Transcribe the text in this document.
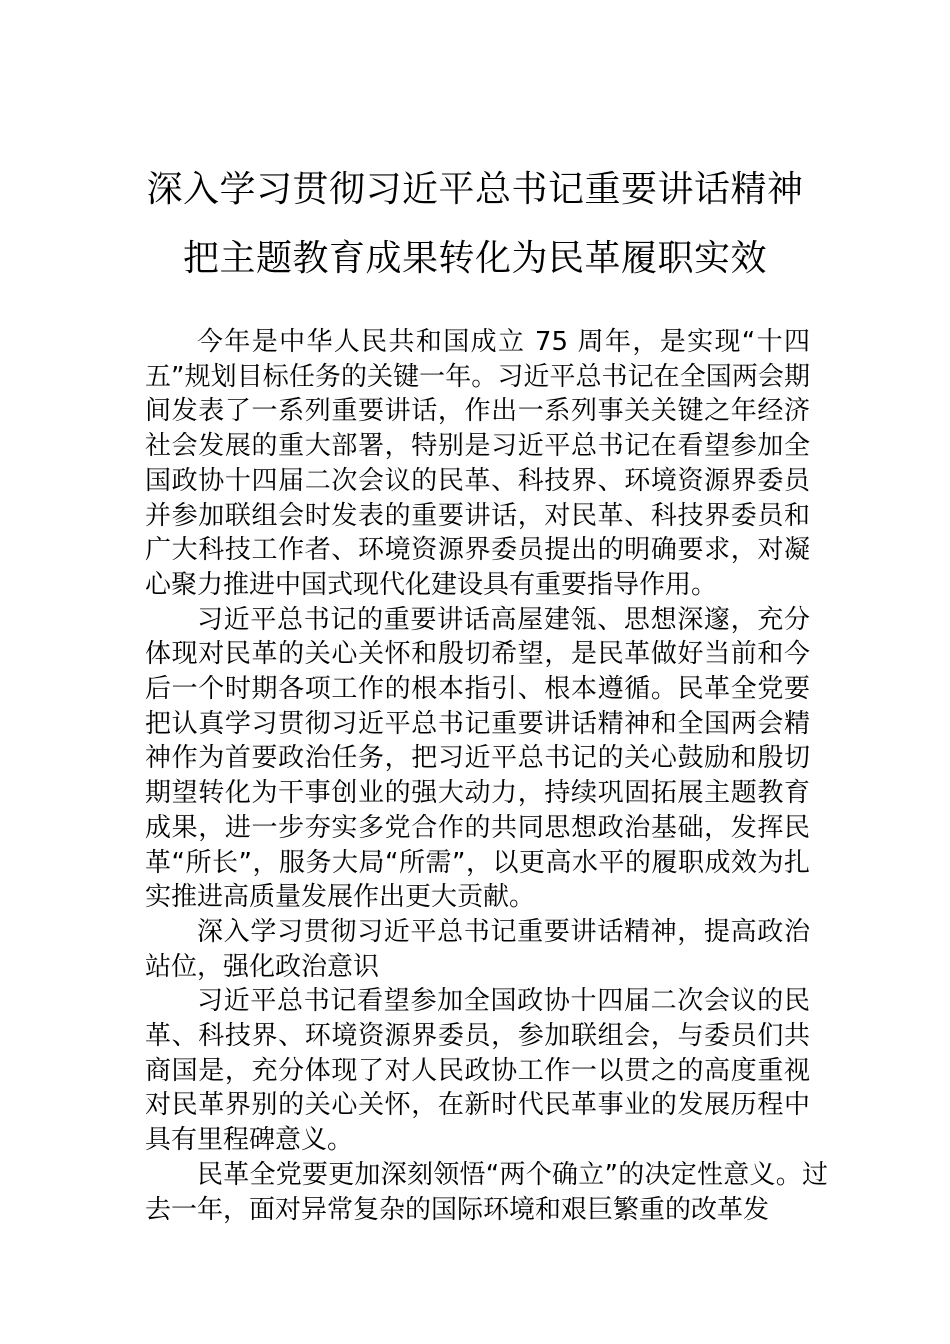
深入学习贯彻习近平总书记重要讲话精神
把主题教育成果转化为民革履职实效

今年是中华人民共和国成立 75 周年，是实现“十四五”规划目标任务的关键一年。习近平总书记在全国两会期间发表了一系列重要讲话，作出一系列事关关键之年经济社会发展的重大部署，特别是习近平总书记在看望参加全国政协十四届二次会议的民革、科技界、环境资源界委员并参加联组会时发表的重要讲话，对民革、科技界委员和广大科技工作者、环境资源界委员提出的明确要求，对凝心聚力推进中国式现代化建设具有重要指导作用。

习近平总书记的重要讲话高屋建瓴、思想深邃，充分体现对民革的关心关怀和殷切希望，是民革做好当前和今后一个时期各项工作的根本指引、根本遵循。民革全党要把认真学习贯彻习近平总书记重要讲话精神和全国两会精神作为首要政治任务，把习近平总书记的关心鼓励和殷切期望转化为干事创业的强大动力，持续巩固拓展主题教育成果，进一步夯实多党合作的共同思想政治基础，发挥民革“所长”，服务大局“所需”，以更高水平的履职成效为扎实推进高质量发展作出更大贡献。

深入学习贯彻习近平总书记重要讲话精神，提高政治站位，强化政治意识

习近平总书记看望参加全国政协十四届二次会议的民革、科技界、环境资源界委员，参加联组会，与委员们共商国是，充分体现了对人民政协工作一以贯之的高度重视对民革界别的关心关怀，在新时代民革事业的发展历程中具有里程碑意义。

民革全党要更加深刻领悟“两个确立”的决定性意义。过去一年，面对异常复杂的国际环境和艰巨繁重的改革发
